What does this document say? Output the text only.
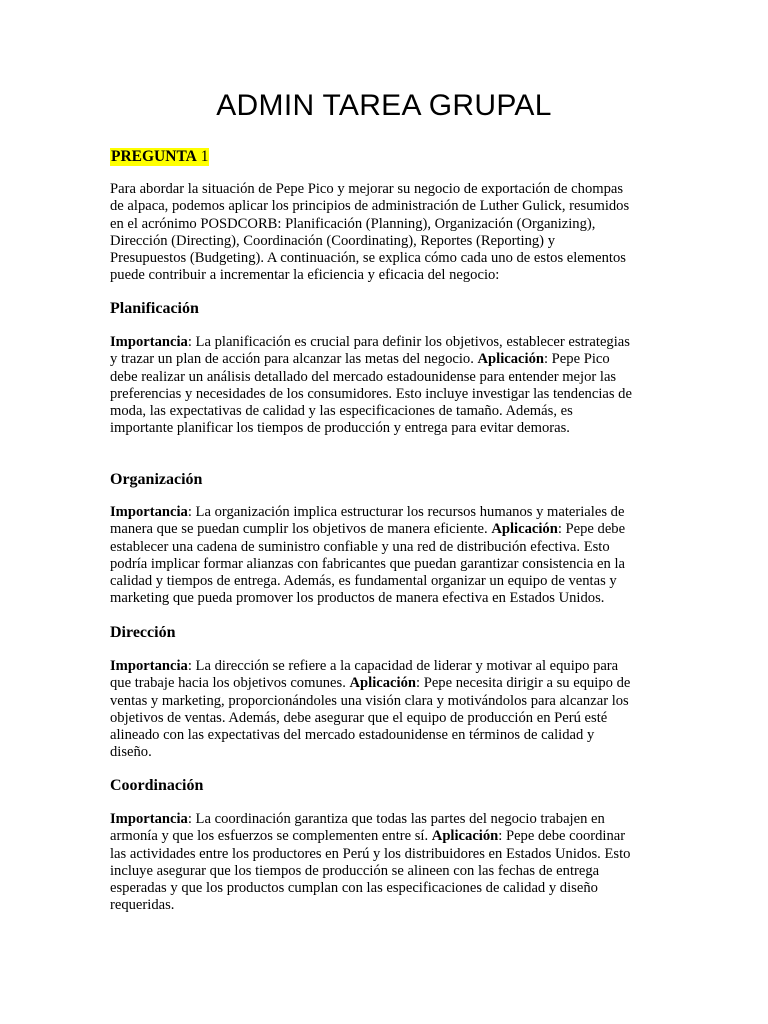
ADMIN TAREA GRUPAL
PREGUNTA 1

Para abordar la situación de Pepe Pico y mejorar su negocio de exportación de chompas de alpaca, podemos aplicar los principios de administración de Luther Gulick, resumidos en el acrónimo POSDCORB: Planificación (Planning), Organización (Organizing), Dirección (Directing), Coordinación (Coordinating), Reportes (Reporting) y Presupuestos (Budgeting). A continuación, se explica cómo cada uno de estos elementos puede contribuir a incrementar la eficiencia y eficacia del negocio:

Planificación

Importancia: La planificación es crucial para definir los objetivos, establecer estrategias y trazar un plan de acción para alcanzar las metas del negocio. Aplicación: Pepe Pico debe realizar un análisis detallado del mercado estadounidense para entender mejor las preferencias y necesidades de los consumidores. Esto incluye investigar las tendencias de moda, las expectativas de calidad y las especificaciones de tamaño. Además, es importante planificar los tiempos de producción y entrega para evitar demoras.

Organización

Importancia: La organización implica estructurar los recursos humanos y materiales de manera que se puedan cumplir los objetivos de manera eficiente. Aplicación: Pepe debe establecer una cadena de suministro confiable y una red de distribución efectiva. Esto podría implicar formar alianzas con fabricantes que puedan garantizar consistencia en la calidad y tiempos de entrega. Además, es fundamental organizar un equipo de ventas y marketing que pueda promover los productos de manera efectiva en Estados Unidos.

Dirección

Importancia: La dirección se refiere a la capacidad de liderar y motivar al equipo para que trabaje hacia los objetivos comunes. Aplicación: Pepe necesita dirigir a su equipo de ventas y marketing, proporcionándoles una visión clara y motivándolos para alcanzar los objetivos de ventas. Además, debe asegurar que el equipo de producción en Perú esté alineado con las expectativas del mercado estadounidense en términos de calidad y diseño.

Coordinación

Importancia: La coordinación garantiza que todas las partes del negocio trabajen en armonía y que los esfuerzos se complementen entre sí. Aplicación: Pepe debe coordinar las actividades entre los productores en Perú y los distribuidores en Estados Unidos. Esto incluye asegurar que los tiempos de producción se alineen con las fechas de entrega esperadas y que los productos cumplan con las especificaciones de calidad y diseño requeridas.
